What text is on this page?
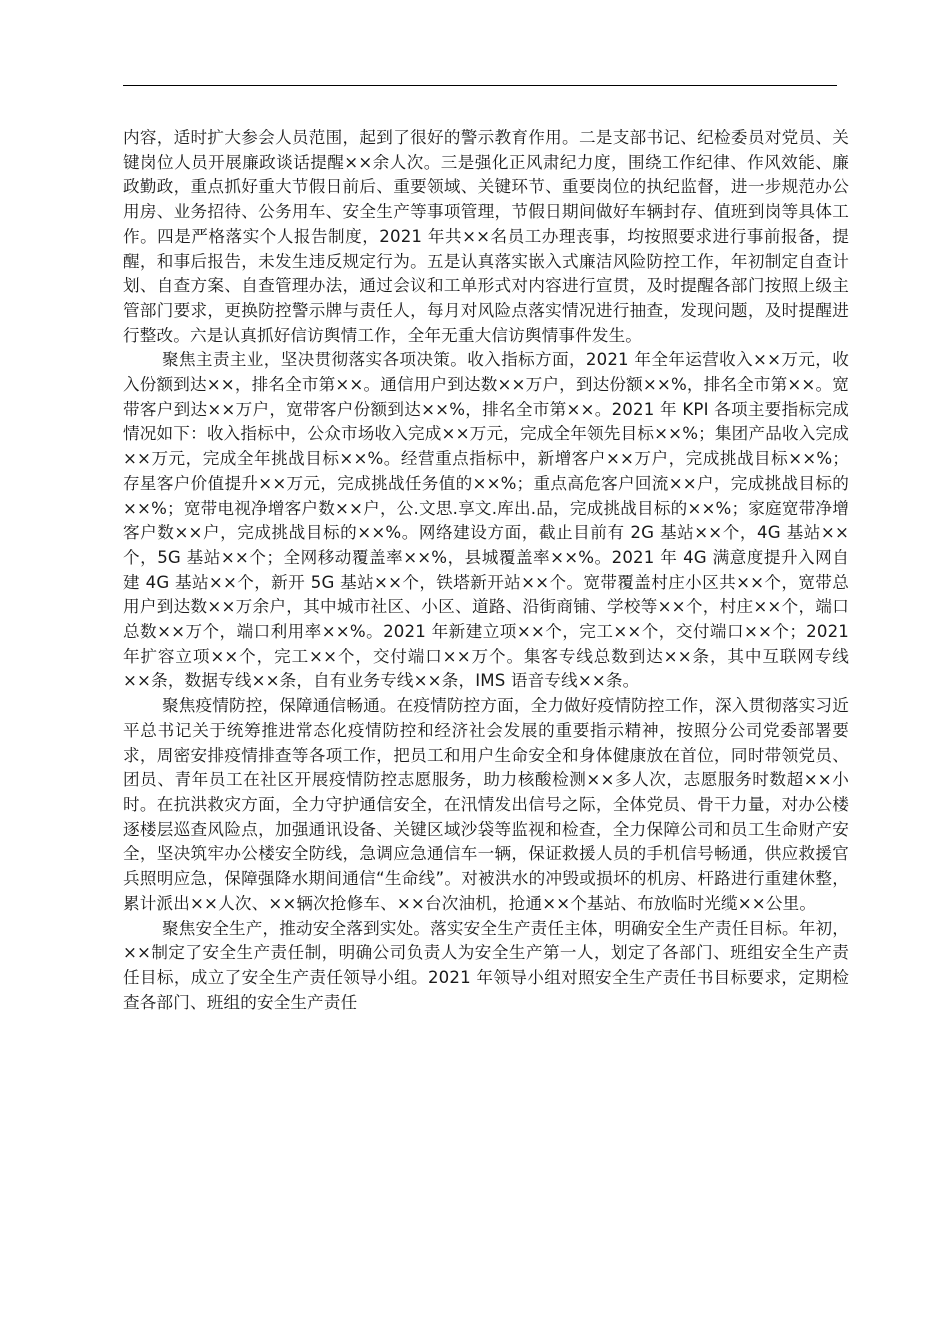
内容，适时扩大参会人员范围，起到了很好的警示教育作用。二是支部书记、纪检委员对党员、关键岗位人员开展廉政谈话提醒××余人次。三是强化正风肃纪力度，围绕工作纪律、作风效能、廉政勤政，重点抓好重大节假日前后、重要领域、关键环节、重要岗位的执纪监督，进一步规范办公用房、业务招待、公务用车、安全生产等事项管理，节假日期间做好车辆封存、值班到岗等具体工作。四是严格落实个人报告制度，2021 年共××名员工办理丧事，均按照要求进行事前报备，提醒，和事后报告，未发生违反规定行为。五是认真落实嵌入式廉洁风险防控工作，年初制定自查计划、自查方案、自查管理办法，通过会议和工单形式对内容进行宣贯，及时提醒各部门按照上级主管部门要求，更换防控警示牌与责任人，每月对风险点落实情况进行抽查，发现问题，及时提醒进行整改。六是认真抓好信访舆情工作，全年无重大信访舆情事件发生。

聚焦主责主业，坚决贯彻落实各项决策。收入指标方面，2021 年全年运营收入××万元，收入份额到达××，排名全市第××。通信用户到达数××万户，到达份额××%，排名全市第××。宽带客户到达××万户，宽带客户份额到达××%，排名全市第××。2021 年 KPI 各项主要指标完成情况如下：收入指标中，公众市场收入完成××万元，完成全年领先目标××%；集团产品收入完成××万元，完成全年挑战目标××%。经营重点指标中，新增客户××万户，完成挑战目标××%；存星客户价值提升××万元，完成挑战任务值的××%；重点高危客户回流××户，完成挑战目标的××%；宽带电视净增客户数××户，公.文思.享文.库出.品，完成挑战目标的××%；家庭宽带净增客户数××户，完成挑战目标的××%。网络建设方面，截止目前有 2G 基站××个，4G 基站××个，5G 基站××个；全网移动覆盖率××%，县城覆盖率××%。2021 年 4G 满意度提升入网自建 4G 基站××个，新开 5G 基站××个，铁塔新开站××个。宽带覆盖村庄小区共××个，宽带总用户到达数××万余户，其中城市社区、小区、道路、沿街商铺、学校等××个，村庄××个，端口总数××万个，端口利用率××%。2021 年新建立项××个，完工××个，交付端口××个；2021 年扩容立项××个，完工××个，交付端口××万个。集客专线总数到达××条，其中互联网专线××条，数据专线××条，自有业务专线××条，IMS 语音专线××条。

聚焦疫情防控，保障通信畅通。在疫情防控方面，全力做好疫情防控工作，深入贯彻落实习近平总书记关于统筹推进常态化疫情防控和经济社会发展的重要指示精神，按照分公司党委部署要求，周密安排疫情排查等各项工作，把员工和用户生命安全和身体健康放在首位，同时带领党员、团员、青年员工在社区开展疫情防控志愿服务，助力核酸检测××多人次，志愿服务时数超××小时。在抗洪救灾方面，全力守护通信安全，在汛情发出信号之际，全体党员、骨干力量，对办公楼逐楼层巡查风险点，加强通讯设备、关键区域沙袋等监视和检查，全力保障公司和员工生命财产安全，坚决筑牢办公楼安全防线，急调应急通信车一辆，保证救援人员的手机信号畅通，供应救援官兵照明应急，保障强降水期间通信“生命线”。对被洪水的冲毁或损坏的机房、杆路进行重建休整，累计派出××人次、××辆次抢修车、××台次油机，抢通××个基站、布放临时光缆××公里。

聚焦安全生产，推动安全落到实处。落实安全生产责任主体，明确安全生产责任目标。年初，××制定了安全生产责任制，明确公司负责人为安全生产第一人，划定了各部门、班组安全生产责任目标，成立了安全生产责任领导小组。2021 年领导小组对照安全生产责任书目标要求，定期检查各部门、班组的安全生产责任
